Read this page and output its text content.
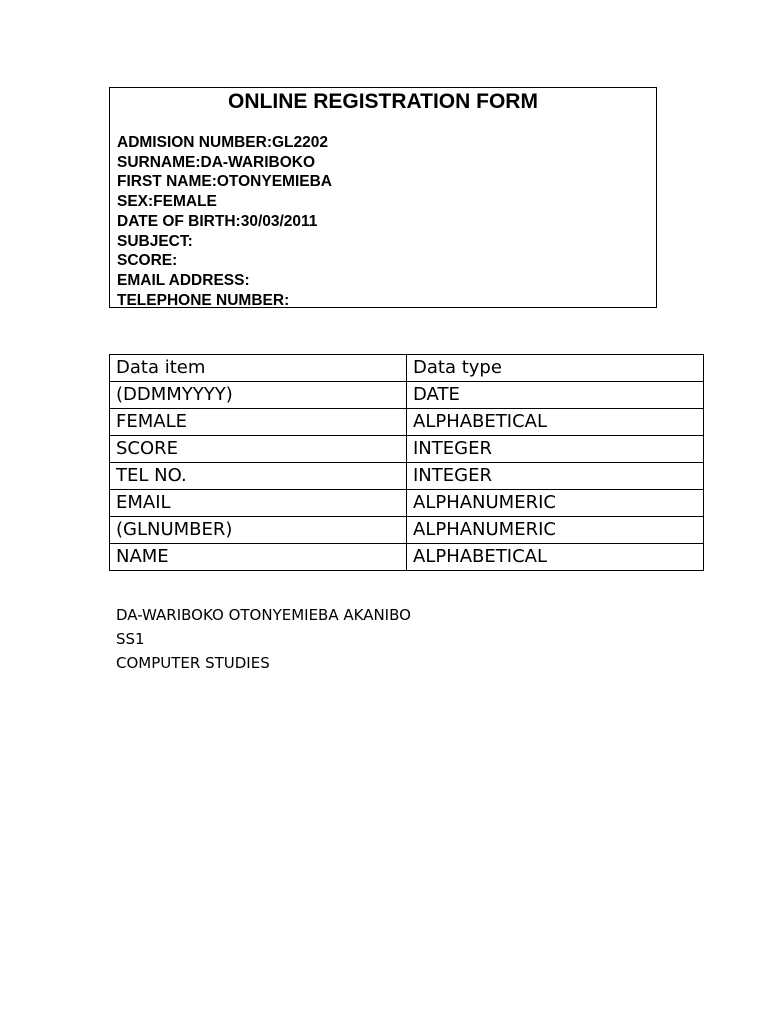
ONLINE REGISTRATION FORM
ADMISION NUMBER:GL2202
SURNAME:DA-WARIBOKO
FIRST NAME:OTONYEMIEBA
SEX:FEMALE
DATE OF BIRTH:30/03/2011
SUBJECT:
SCORE:
EMAIL ADDRESS:
TELEPHONE NUMBER:
Data item	Data type
(DDMMYYYY)	DATE
FEMALE	ALPHABETICAL
SCORE	INTEGER
TEL NO.	INTEGER
EMAIL	ALPHANUMERIC
(GLNUMBER)	ALPHANUMERIC
NAME	ALPHABETICAL
DA-WARIBOKO OTONYEMIEBA AKANIBO
SS1
COMPUTER STUDIES
